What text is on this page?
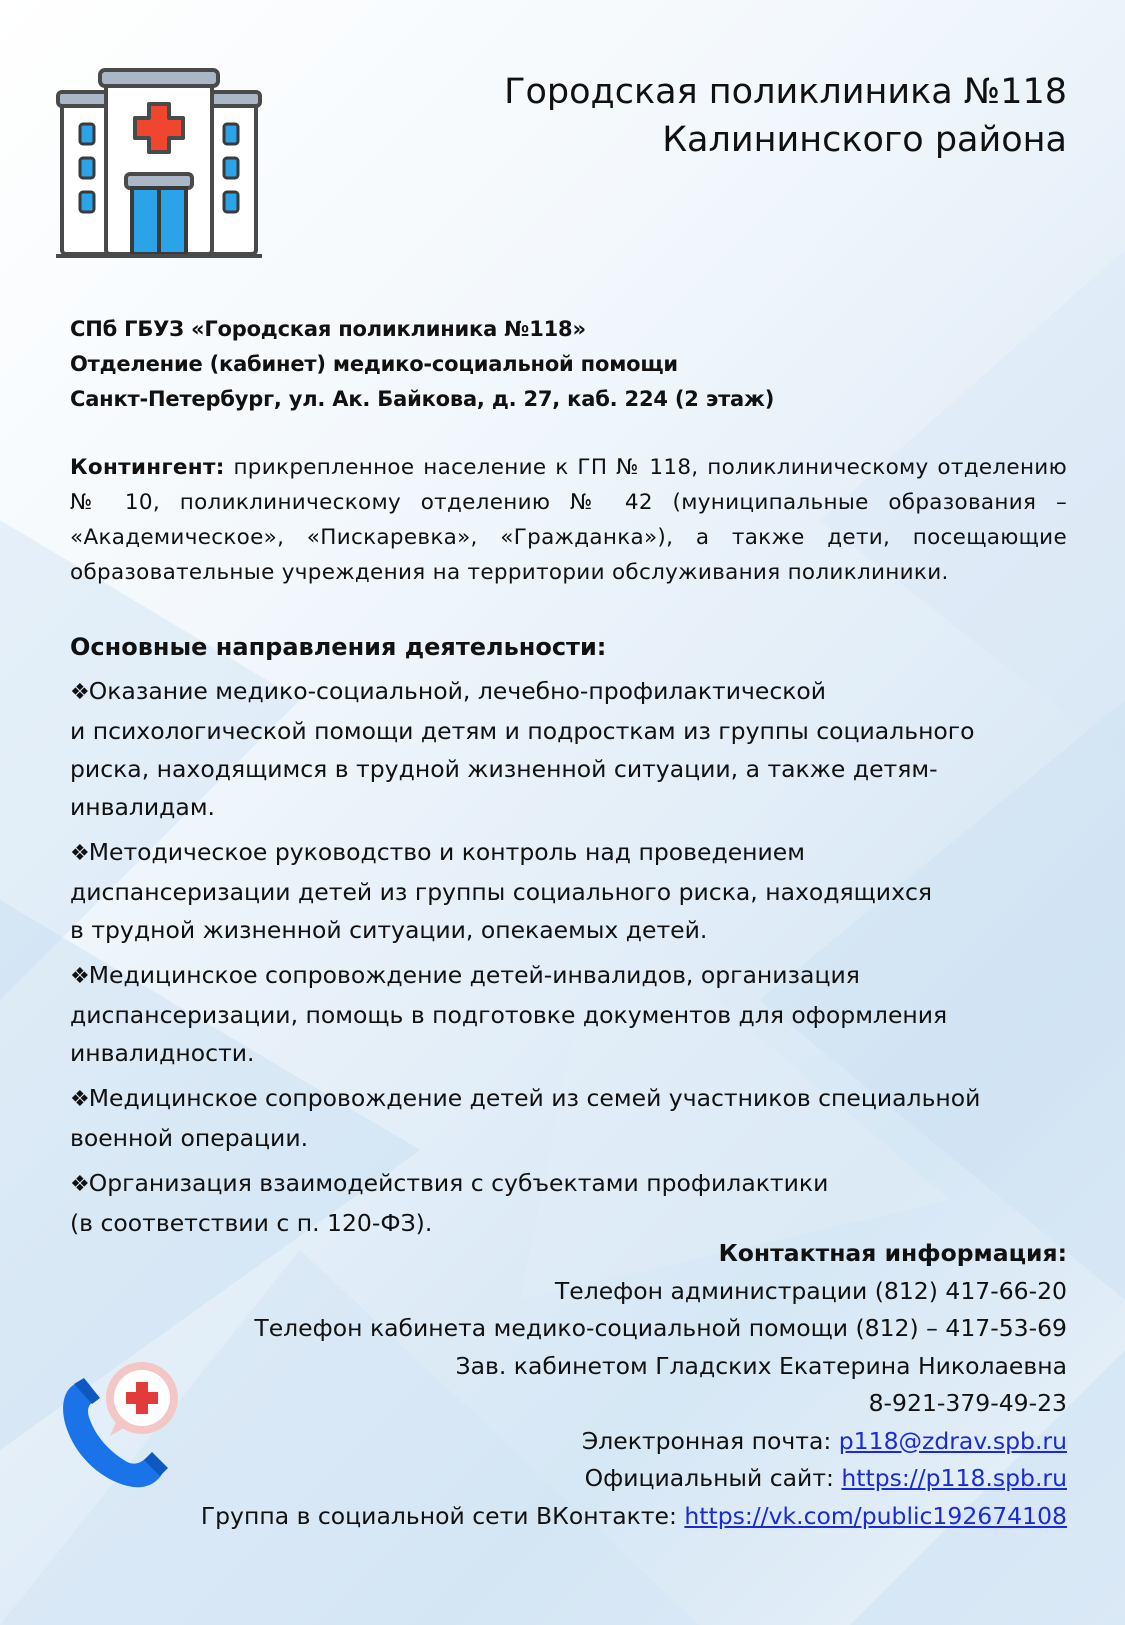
Городская поликлиника №118
Калининского района
СПб ГБУЗ «Городская поликлиника №118»
Отделение (кабинет) медико-социальной помощи
Санкт-Петербург, ул. Ак. Байкова, д. 27, каб. 224 (2 этаж)
Контингент: прикрепленное население к ГП № 118, поликлиническому отделению № 10, поликлиническому отделению № 42 (муниципальные образования – «Академическое», «Пискаревка», «Гражданка»), а также дети, посещающие образовательные учреждения на территории обслуживания поликлиники.
Основные направления деятельности:
❖Оказание медико-социальной, лечебно-профилактической
и психологической помощи детям и подросткам из группы социального
риска, находящимся в трудной жизненной ситуации, а также детям-
инвалидам.
❖Методическое руководство и контроль над проведением
диспансеризации детей из группы социального риска, находящихся
в трудной жизненной ситуации, опекаемых детей.
❖Медицинское сопровождение детей-инвалидов, организация
диспансеризации, помощь в подготовке документов для оформления
инвалидности.
❖Медицинское сопровождение детей из семей участников специальной
военной операции.
❖Организация взаимодействия с субъектами профилактики
(в соответствии с п. 120-ФЗ).
Контактная информация:
Телефон администрации (812) 417-66-20
Телефон кабинета медико-социальной помощи (812) – 417-53-69
Зав. кабинетом Гладских Екатерина Николаевна
8-921-379-49-23
Электронная почта: p118@zdrav.spb.ru
Официальный сайт: https://p118.spb.ru
Группа в социальной сети ВКонтакте: https://vk.com/public192674108
